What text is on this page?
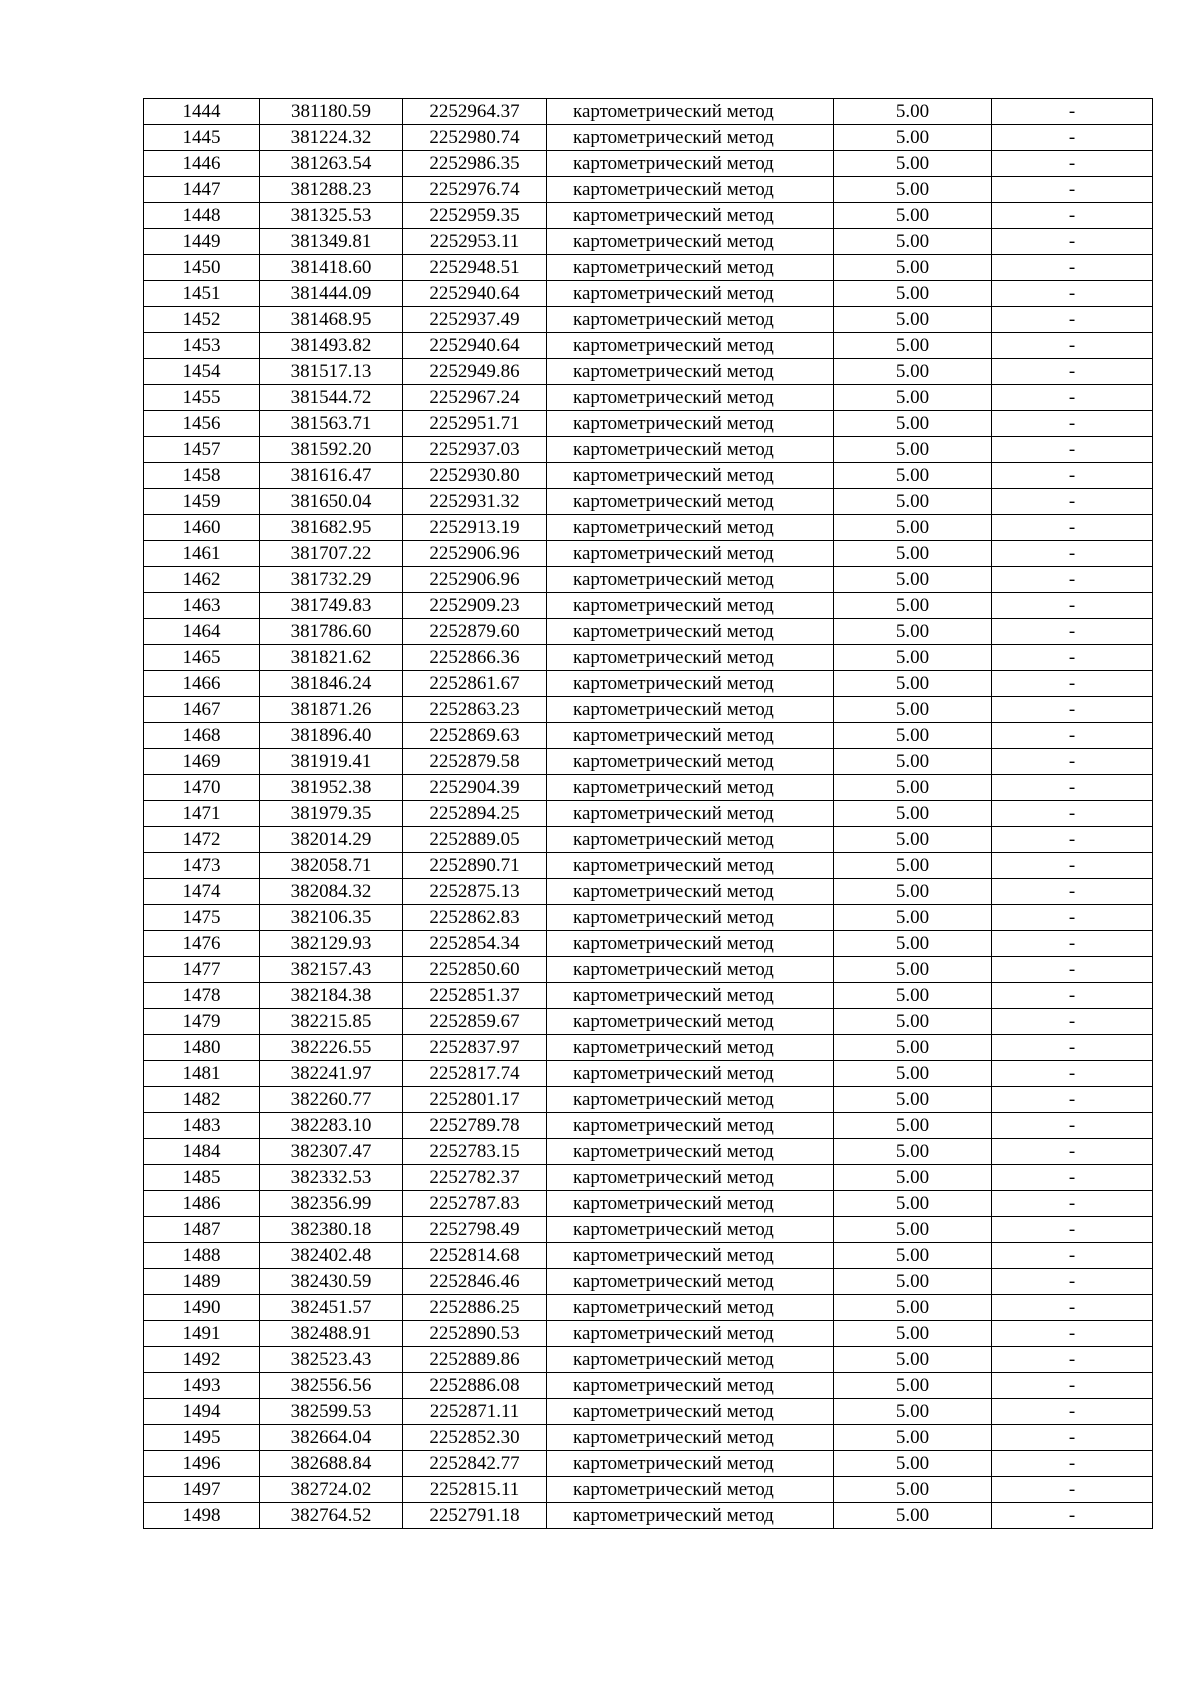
1444	381180.59	2252964.37	картометрический метод	5.00	-
1445	381224.32	2252980.74	картометрический метод	5.00	-
1446	381263.54	2252986.35	картометрический метод	5.00	-
1447	381288.23	2252976.74	картометрический метод	5.00	-
1448	381325.53	2252959.35	картометрический метод	5.00	-
1449	381349.81	2252953.11	картометрический метод	5.00	-
1450	381418.60	2252948.51	картометрический метод	5.00	-
1451	381444.09	2252940.64	картометрический метод	5.00	-
1452	381468.95	2252937.49	картометрический метод	5.00	-
1453	381493.82	2252940.64	картометрический метод	5.00	-
1454	381517.13	2252949.86	картометрический метод	5.00	-
1455	381544.72	2252967.24	картометрический метод	5.00	-
1456	381563.71	2252951.71	картометрический метод	5.00	-
1457	381592.20	2252937.03	картометрический метод	5.00	-
1458	381616.47	2252930.80	картометрический метод	5.00	-
1459	381650.04	2252931.32	картометрический метод	5.00	-
1460	381682.95	2252913.19	картометрический метод	5.00	-
1461	381707.22	2252906.96	картометрический метод	5.00	-
1462	381732.29	2252906.96	картометрический метод	5.00	-
1463	381749.83	2252909.23	картометрический метод	5.00	-
1464	381786.60	2252879.60	картометрический метод	5.00	-
1465	381821.62	2252866.36	картометрический метод	5.00	-
1466	381846.24	2252861.67	картометрический метод	5.00	-
1467	381871.26	2252863.23	картометрический метод	5.00	-
1468	381896.40	2252869.63	картометрический метод	5.00	-
1469	381919.41	2252879.58	картометрический метод	5.00	-
1470	381952.38	2252904.39	картометрический метод	5.00	-
1471	381979.35	2252894.25	картометрический метод	5.00	-
1472	382014.29	2252889.05	картометрический метод	5.00	-
1473	382058.71	2252890.71	картометрический метод	5.00	-
1474	382084.32	2252875.13	картометрический метод	5.00	-
1475	382106.35	2252862.83	картометрический метод	5.00	-
1476	382129.93	2252854.34	картометрический метод	5.00	-
1477	382157.43	2252850.60	картометрический метод	5.00	-
1478	382184.38	2252851.37	картометрический метод	5.00	-
1479	382215.85	2252859.67	картометрический метод	5.00	-
1480	382226.55	2252837.97	картометрический метод	5.00	-
1481	382241.97	2252817.74	картометрический метод	5.00	-
1482	382260.77	2252801.17	картометрический метод	5.00	-
1483	382283.10	2252789.78	картометрический метод	5.00	-
1484	382307.47	2252783.15	картометрический метод	5.00	-
1485	382332.53	2252782.37	картометрический метод	5.00	-
1486	382356.99	2252787.83	картометрический метод	5.00	-
1487	382380.18	2252798.49	картометрический метод	5.00	-
1488	382402.48	2252814.68	картометрический метод	5.00	-
1489	382430.59	2252846.46	картометрический метод	5.00	-
1490	382451.57	2252886.25	картометрический метод	5.00	-
1491	382488.91	2252890.53	картометрический метод	5.00	-
1492	382523.43	2252889.86	картометрический метод	5.00	-
1493	382556.56	2252886.08	картометрический метод	5.00	-
1494	382599.53	2252871.11	картометрический метод	5.00	-
1495	382664.04	2252852.30	картометрический метод	5.00	-
1496	382688.84	2252842.77	картометрический метод	5.00	-
1497	382724.02	2252815.11	картометрический метод	5.00	-
1498	382764.52	2252791.18	картометрический метод	5.00	-
